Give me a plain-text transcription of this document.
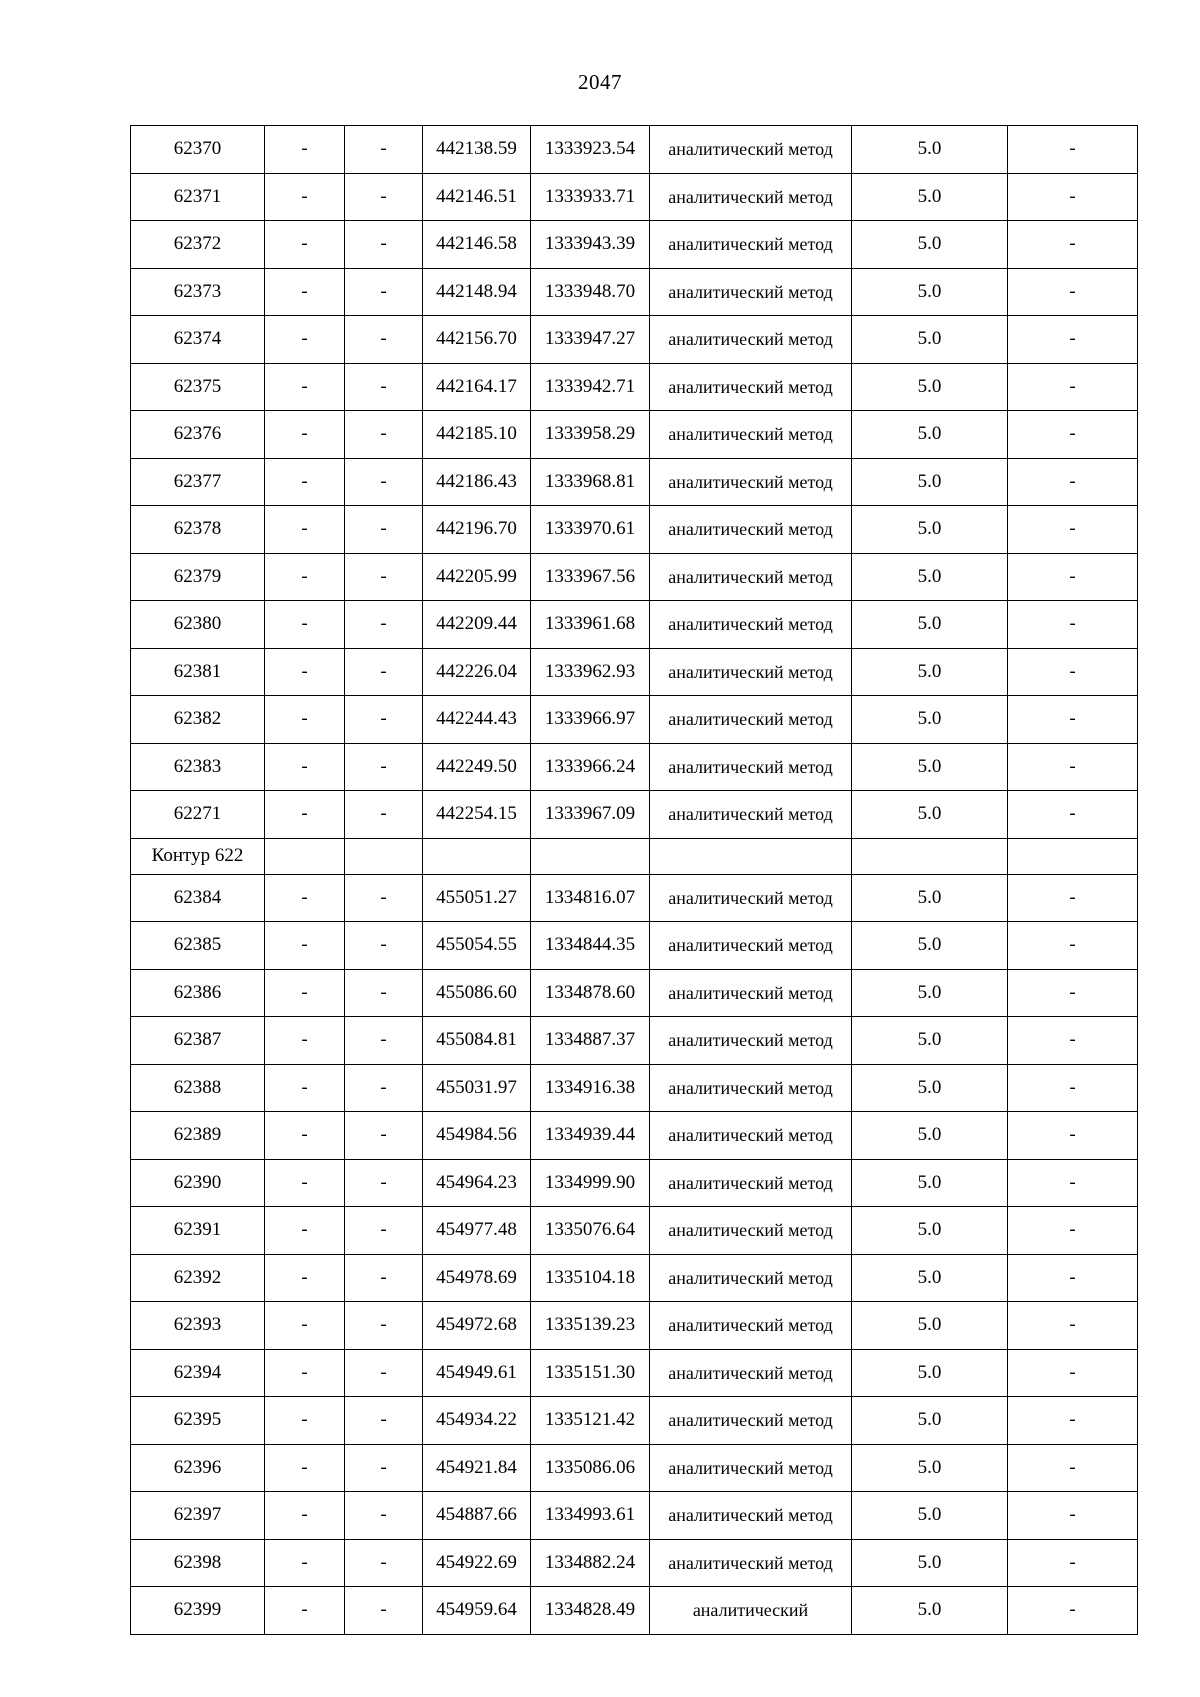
2047
62370	-	-	442138.59	1333923.54	аналитический метод	5.0	-
62371	-	-	442146.51	1333933.71	аналитический метод	5.0	-
62372	-	-	442146.58	1333943.39	аналитический метод	5.0	-
62373	-	-	442148.94	1333948.70	аналитический метод	5.0	-
62374	-	-	442156.70	1333947.27	аналитический метод	5.0	-
62375	-	-	442164.17	1333942.71	аналитический метод	5.0	-
62376	-	-	442185.10	1333958.29	аналитический метод	5.0	-
62377	-	-	442186.43	1333968.81	аналитический метод	5.0	-
62378	-	-	442196.70	1333970.61	аналитический метод	5.0	-
62379	-	-	442205.99	1333967.56	аналитический метод	5.0	-
62380	-	-	442209.44	1333961.68	аналитический метод	5.0	-
62381	-	-	442226.04	1333962.93	аналитический метод	5.0	-
62382	-	-	442244.43	1333966.97	аналитический метод	5.0	-
62383	-	-	442249.50	1333966.24	аналитический метод	5.0	-
62271	-	-	442254.15	1333967.09	аналитический метод	5.0	-
Контур 622							
62384	-	-	455051.27	1334816.07	аналитический метод	5.0	-
62385	-	-	455054.55	1334844.35	аналитический метод	5.0	-
62386	-	-	455086.60	1334878.60	аналитический метод	5.0	-
62387	-	-	455084.81	1334887.37	аналитический метод	5.0	-
62388	-	-	455031.97	1334916.38	аналитический метод	5.0	-
62389	-	-	454984.56	1334939.44	аналитический метод	5.0	-
62390	-	-	454964.23	1334999.90	аналитический метод	5.0	-
62391	-	-	454977.48	1335076.64	аналитический метод	5.0	-
62392	-	-	454978.69	1335104.18	аналитический метод	5.0	-
62393	-	-	454972.68	1335139.23	аналитический метод	5.0	-
62394	-	-	454949.61	1335151.30	аналитический метод	5.0	-
62395	-	-	454934.22	1335121.42	аналитический метод	5.0	-
62396	-	-	454921.84	1335086.06	аналитический метод	5.0	-
62397	-	-	454887.66	1334993.61	аналитический метод	5.0	-
62398	-	-	454922.69	1334882.24	аналитический метод	5.0	-
62399	-	-	454959.64	1334828.49	аналитический	5.0	-
